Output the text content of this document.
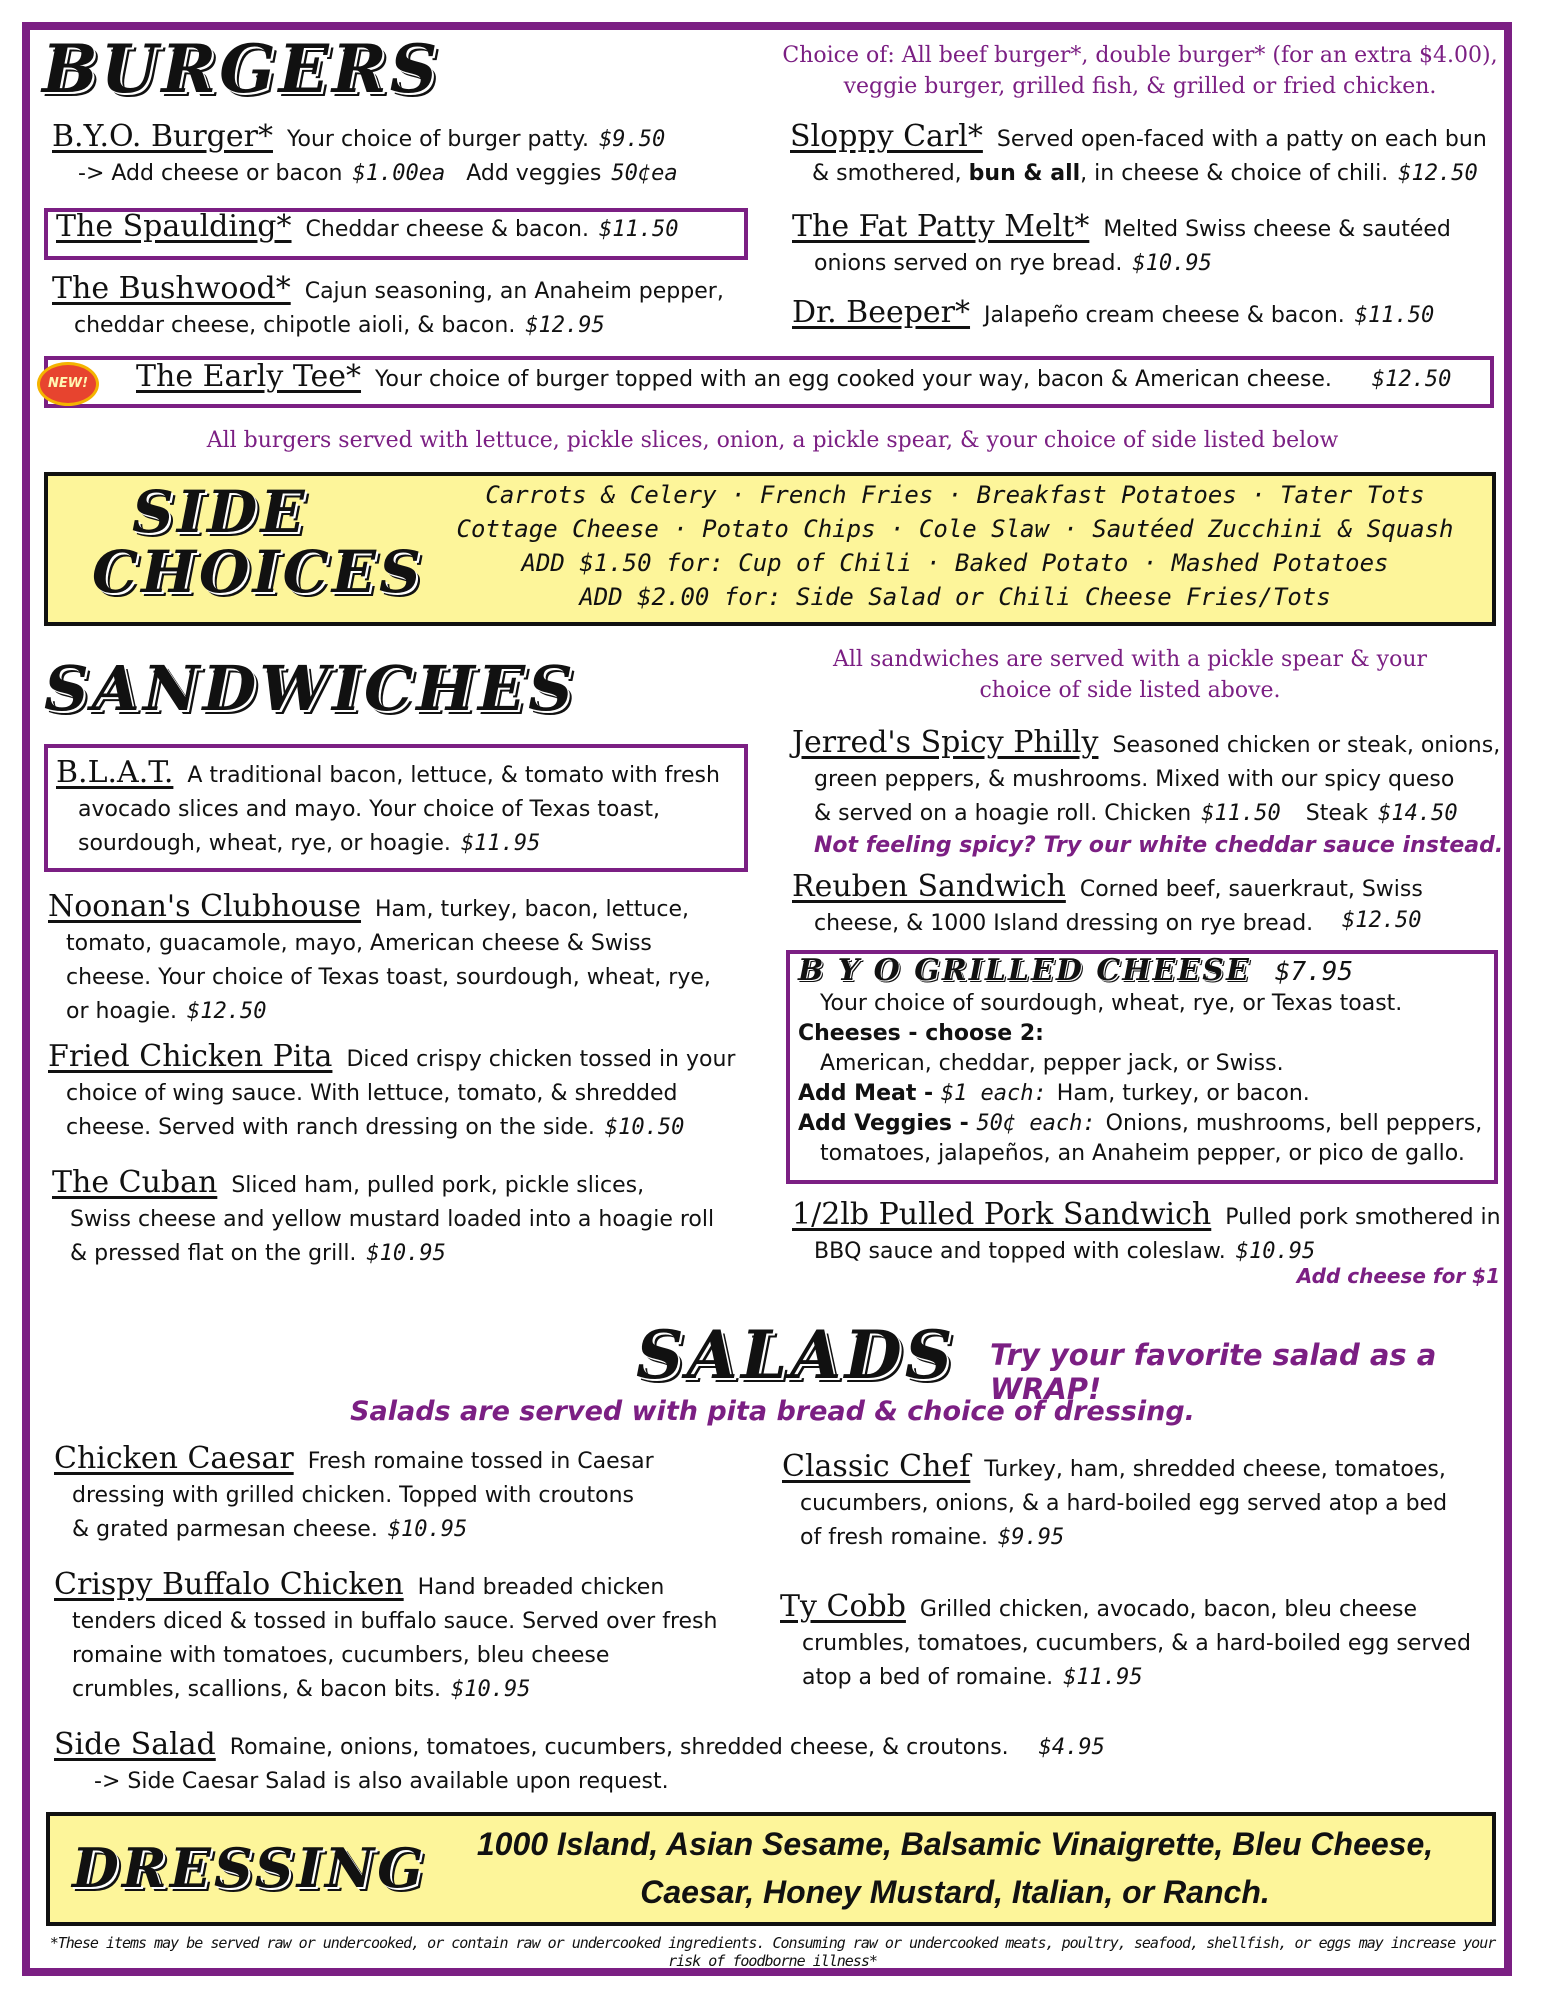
BURGERS	Choice of: All beef burger*, double burger* (for an extra $4.00),
veggie burger, grilled fish, & grilled or fried chicken.
B.Y.O. Burger* Your choice of burger patty. $9.50
-> Add cheese or bacon $1.00ea Add veggies 50¢ea
The Spaulding* Cheddar cheese & bacon. $11.50
The Bushwood* Cajun seasoning, an Anaheim pepper,
cheddar cheese, chipotle aioli, & bacon. $12.95
Sloppy Carl* Served open-faced with a patty on each bun
& smothered, bun & all, in cheese & choice of chili. $12.50
The Fat Patty Melt* Melted Swiss cheese & sautéed
onions served on rye bread. $10.95
Dr. Beeper* Jalapeño cream cheese & bacon. $11.50
NEW! The Early Tee* Your choice of burger topped with an egg cooked your way, bacon & American cheese. $12.50
All burgers served with lettuce, pickle slices, onion, a pickle spear, & your choice of side listed below
SIDE
CHOICES
Carrots & Celery · French Fries · Breakfast Potatoes · Tater Tots
Cottage Cheese · Potato Chips · Cole Slaw · Sautéed Zucchini & Squash
ADD $1.50 for: Cup of Chili · Baked Potato · Mashed Potatoes
ADD $2.00 for: Side Salad or Chili Cheese Fries/Tots
SANDWICHES	All sandwiches are served with a pickle spear & your
choice of side listed above.
B.L.A.T. A traditional bacon, lettuce, & tomato with fresh
avocado slices and mayo. Your choice of Texas toast,
sourdough, wheat, rye, or hoagie. $11.95
Noonan's Clubhouse Ham, turkey, bacon, lettuce,
tomato, guacamole, mayo, American cheese & Swiss
cheese. Your choice of Texas toast, sourdough, wheat, rye,
or hoagie. $12.50
Fried Chicken Pita Diced crispy chicken tossed in your
choice of wing sauce. With lettuce, tomato, & shredded
cheese. Served with ranch dressing on the side. $10.50
The Cuban Sliced ham, pulled pork, pickle slices,
Swiss cheese and yellow mustard loaded into a hoagie roll
& pressed flat on the grill. $10.95
Jerred's Spicy Philly Seasoned chicken or steak, onions,
green peppers, & mushrooms. Mixed with our spicy queso
& served on a hoagie roll. Chicken $11.50 Steak $14.50
Not feeling spicy? Try our white cheddar sauce instead.
Reuben Sandwich Corned beef, sauerkraut, Swiss
cheese, & 1000 Island dressing on rye bread.	$12.50
B Y O GRILLED CHEESE $7.95
Your choice of sourdough, wheat, rye, or Texas toast.
Cheeses - choose 2:
American, cheddar, pepper jack, or Swiss.
Add Meat - $1 each: Ham, turkey, or bacon.
Add Veggies - 50¢ each: Onions, mushrooms, bell peppers,
tomatoes, jalapeños, an Anaheim pepper, or pico de gallo.
1/2lb Pulled Pork Sandwich Pulled pork smothered in
BBQ sauce and topped with coleslaw. $10.95
Add cheese for $1
SALADS Try your favorite salad as a WRAP!
Salads are served with pita bread & choice of dressing.
Chicken Caesar Fresh romaine tossed in Caesar
dressing with grilled chicken. Topped with croutons
& grated parmesan cheese. $10.95
Crispy Buffalo Chicken Hand breaded chicken
tenders diced & tossed in buffalo sauce. Served over fresh
romaine with tomatoes, cucumbers, bleu cheese
crumbles, scallions, & bacon bits. $10.95
Classic Chef Turkey, ham, shredded cheese, tomatoes,
cucumbers, onions, & a hard-boiled egg served atop a bed
of fresh romaine. $9.95
Ty Cobb Grilled chicken, avocado, bacon, bleu cheese
crumbles, tomatoes, cucumbers, & a hard-boiled egg served
atop a bed of romaine. $11.95
Side Salad Romaine, onions, tomatoes, cucumbers, shredded cheese, & croutons. $4.95
-> Side Caesar Salad is also available upon request.
DRESSING	1000 Island, Asian Sesame, Balsamic Vinaigrette, Bleu Cheese,
Caesar, Honey Mustard, Italian, or Ranch.
*These items may be served raw or undercooked, or contain raw or undercooked ingredients. Consuming raw or undercooked meats, poultry, seafood, shellfish, or eggs may increase your risk of foodborne illness*
